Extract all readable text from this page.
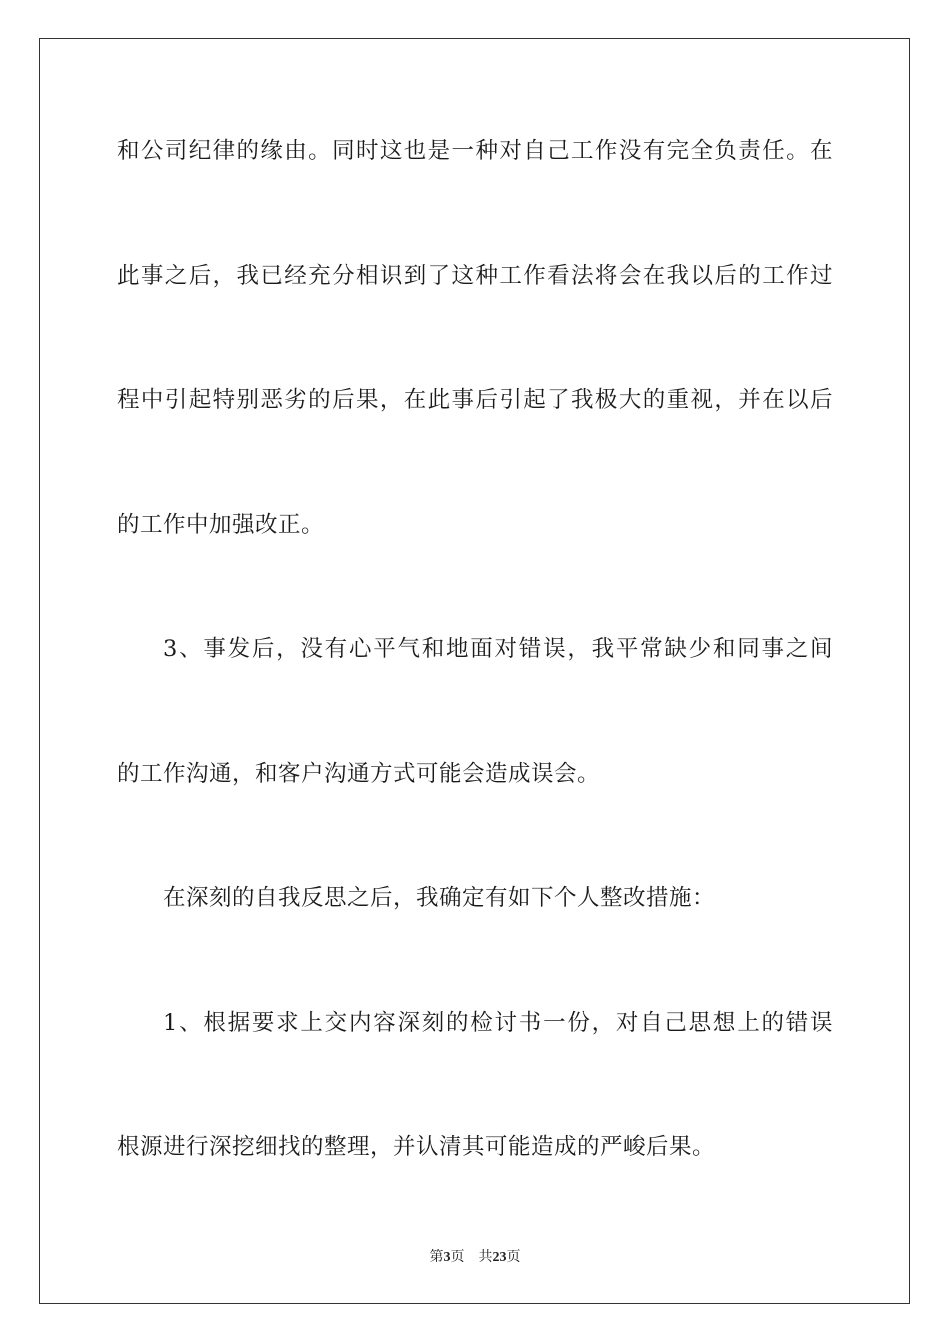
和公司纪律的缘由。同时这也是一种对自己工作没有完全负责任。在
此事之后，我已经充分相识到了这种工作看法将会在我以后的工作过
程中引起特别恶劣的后果，在此事后引起了我极大的重视，并在以后
的工作中加强改正。
3、事发后，没有心平气和地面对错误，我平常缺少和同事之间
的工作沟通，和客户沟通方式可能会造成误会。
在深刻的自我反思之后，我确定有如下个人整改措施：
1、根据要求上交内容深刻的检讨书一份，对自己思想上的错误
根源进行深挖细找的整理，并认清其可能造成的严峻后果。
第3页 共23页
